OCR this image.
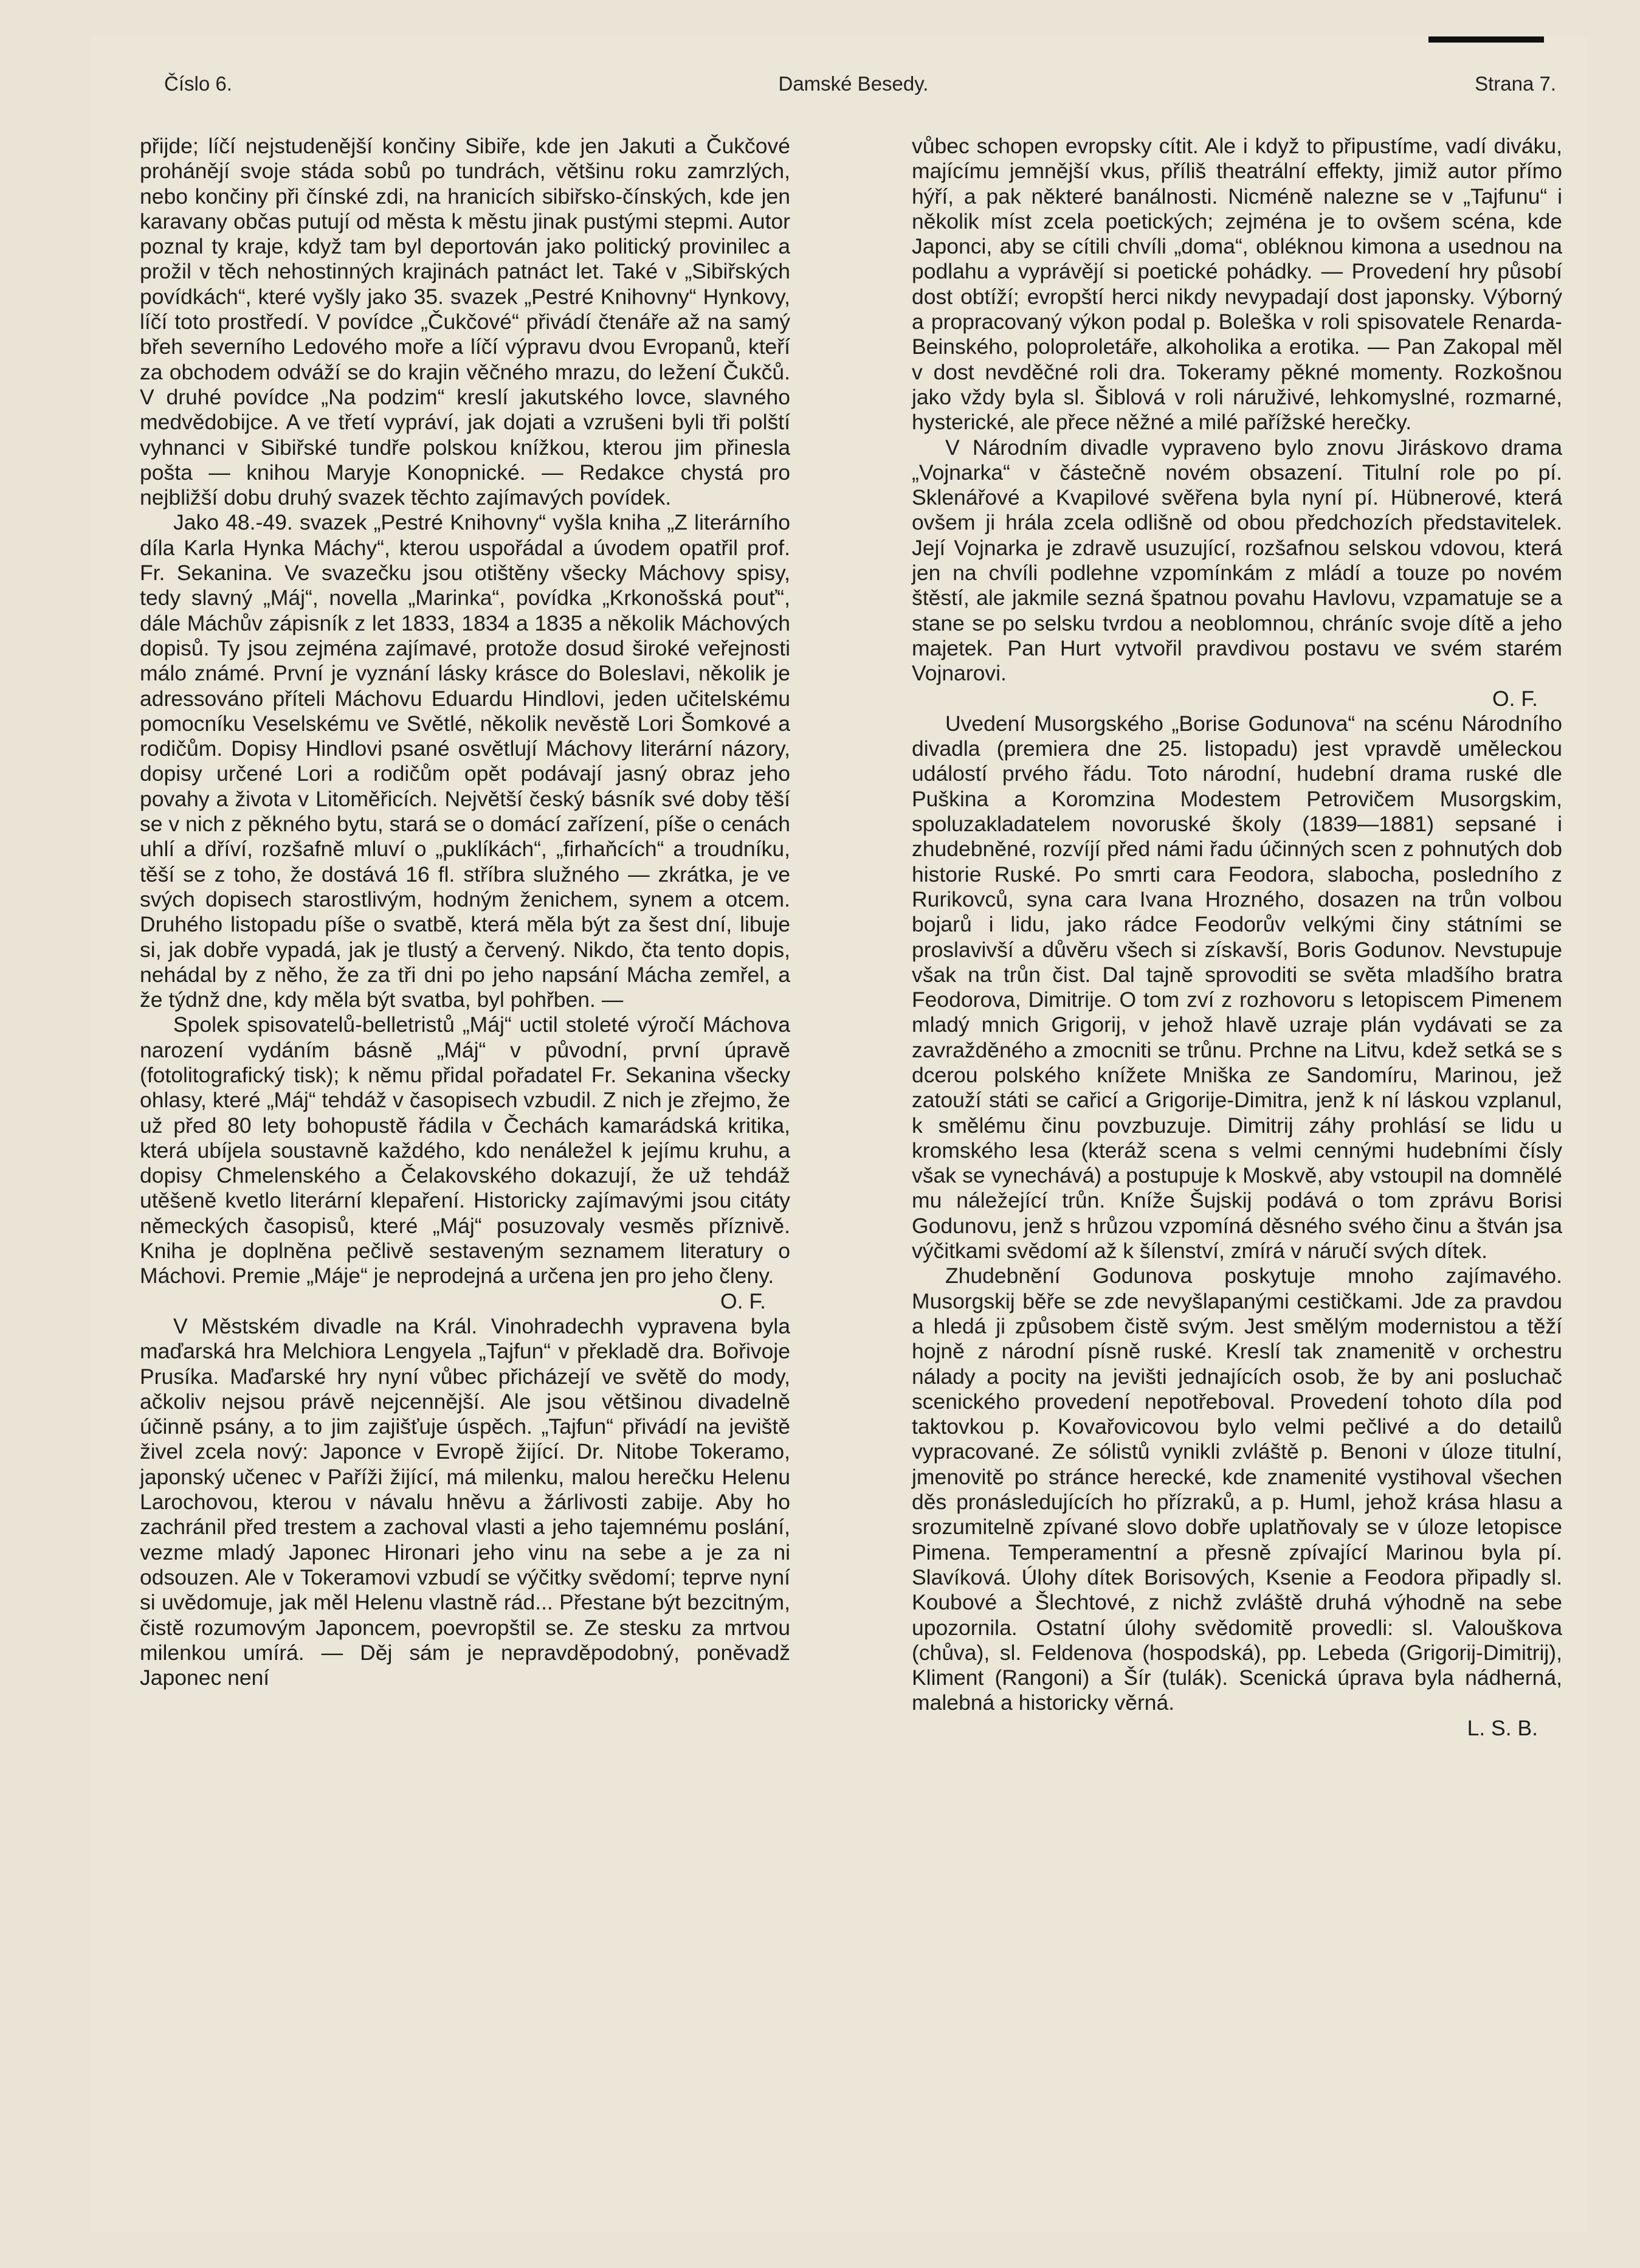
Číslo 6.	Damské Besedy.	Strana 7.

přijde; líčí nejstudenější končiny Sibiře, kde jen Jakuti a Čukčové prohánějí svoje stáda sobů po tundrách, většinu roku zamrzlých, nebo končiny při čínské zdi, na hranicích sibiřsko-čínských, kde jen karavany občas putují od města k městu jinak pustými stepmi. Autor poznal ty kraje, když tam byl deportován jako politický provinilec a prožil v těch nehostinných krajinách patnáct let. Také v „Sibiřských povídkách“, které vyšly jako 35. svazek „Pestré Knihovny“ Hynkovy, líčí toto prostředí. V povídce „Čukčové“ přivádí čtenáře až na samý břeh severního Ledového moře a líčí výpravu dvou Evropanů, kteří za obchodem odváží se do krajin věčného mrazu, do ležení Čukčů. V druhé povídce „Na podzim“ kreslí jakutského lovce, slavného medvědobijce. A ve třetí vypráví, jak dojati a vzrušeni byli tři polští vyhnanci v Sibiřské tundře polskou knížkou, kterou jim přinesla pošta — knihou Maryje Konopnické. — Redakce chystá pro nejbližší dobu druhý svazek těchto zajímavých povídek.

Jako 48.-49. svazek „Pestré Knihovny“ vyšla kniha „Z literárního díla Karla Hynka Máchy“, kterou uspořádal a úvodem opatřil prof. Fr. Sekanina. Ve svazečku jsou otištěny všecky Máchovy spisy, tedy slavný „Máj“, novella „Marinka“, povídka „Krkonošská pouť“, dále Máchův zápisník z let 1833, 1834 a 1835 a několik Máchových dopisů. Ty jsou zejména zajímavé, protože dosud široké veřejnosti málo známé. První je vyznání lásky krásce do Boleslavi, několik je adressováno příteli Máchovu Eduardu Hindlovi, jeden učitelskému pomocníku Veselskému ve Světlé, několik nevěstě Lori Šomkové a rodičům. Dopisy Hindlovi psané osvětlují Máchovy literární názory, dopisy určené Lori a rodičům opět podávají jasný obraz jeho povahy a života v Litoměřicích. Největší český básník své doby těší se v nich z pěkného bytu, stará se o domácí zařízení, píše o cenách uhlí a dříví, rozšafně mluví o „puklíkách“, „firhaňcích“ a troudníku, těší se z toho, že dostává 16 fl. stříbra služného — zkrátka, je ve svých dopisech starostlivým, hodným ženichem, synem a otcem. Druhého listopadu píše o svatbě, která měla být za šest dní, libuje si, jak dobře vypadá, jak je tlustý a červený. Nikdo, čta tento dopis, nehádal by z něho, že za tři dni po jeho napsání Mácha zemřel, a že týdnž dne, kdy měla být svatba, byl pohřben. —

Spolek spisovatelů-belletristů „Máj“ uctil stoleté výročí Máchova narození vydáním básně „Máj“ v původní, první úpravě (fotolitografický tisk); k němu přidal pořadatel Fr. Sekanina všecky ohlasy, které „Máj“ tehdáž v časopisech vzbudil. Z nich je zřejmo, že už před 80 lety bohopustě řádila v Čechách kamarádská kritika, která ubíjela soustavně každého, kdo nenáležel k jejímu kruhu, a dopisy Chmelenského a Čelakovského dokazují, že už tehdáž utěšeně kvetlo literární klepaření. Historicky zajímavými jsou citáty německých časopisů, které „Máj“ posuzovaly vesměs příznivě. Kniha je doplněna pečlivě sestaveným seznamem literatury o Máchovi. Premie „Máje“ je neprodejná a určena jen pro jeho členy.

O. F.

V Městském divadle na Král. Vinohradechh vypravena byla maďarská hra Melchiora Lengyela „Tajfun“ v překladě dra. Bořivoje Prusíka. Maďarské hry nyní vůbec přicházejí ve světě do mody, ačkoliv nejsou právě nejcennější. Ale jsou většinou divadelně účinně psány, a to jim zajišťuje úspěch. „Tajfun“ přivádí na jeviště živel zcela nový: Japonce v Evropě žijící. Dr. Nitobe Tokeramo, japonský učenec v Paříži žijící, má milenku, malou herečku Helenu Larochovou, kterou v návalu hněvu a žárlivosti zabije. Aby ho zachránil před trestem a zachoval vlasti a jeho tajemnému poslání, vezme mladý Japonec Hironari jeho vinu na sebe a je za ni odsouzen. Ale v Tokeramovi vzbudí se výčitky svědomí; teprve nyní si uvědomuje, jak měl Helenu vlastně rád... Přestane být bezcitným, čistě rozumovým Japoncem, poevropštil se. Ze stesku za mrtvou milenkou umírá. — Děj sám je nepravděpodobný, poněvadž Japonec není

vůbec schopen evropsky cítit. Ale i když to připustíme, vadí diváku, majícímu jemnější vkus, příliš theatrální effekty, jimiž autor přímo hýří, a pak některé banálnosti. Nicméně nalezne se v „Tajfunu“ i několik míst zcela poetických; zejména je to ovšem scéna, kde Japonci, aby se cítili chvíli „doma“, obléknou kimona a usednou na podlahu a vyprávějí si poetické pohádky. — Provedení hry působí dost obtíží; evropští herci nikdy nevypadají dost japonsky. Výborný a propracovaný výkon podal p. Boleška v roli spisovatele Renarda-Beinského, poloproletáře, alkoholika a erotika. — Pan Zakopal měl v dost nevděčné roli dra. Tokeramy pěkné momenty. Rozkošnou jako vždy byla sl. Šiblová v roli náruživé, lehkomyslné, rozmarné, hysterické, ale přece něžné a milé pařížské herečky.

V Národním divadle vypraveno bylo znovu Jiráskovo drama „Vojnarka“ v částečně novém obsazení. Titulní role po pí. Sklenářové a Kvapilové svěřena byla nyní pí. Hübnerové, která ovšem ji hrála zcela odlišně od obou předchozích představitelek. Její Vojnarka je zdravě usuzující, rozšafnou selskou vdovou, která jen na chvíli podlehne vzpomínkám z mládí a touze po novém štěstí, ale jakmile sezná špatnou povahu Havlovu, vzpamatuje se a stane se po selsku tvrdou a neoblomnou, chráníc svoje dítě a jeho majetek. Pan Hurt vytvořil pravdivou postavu ve svém starém Vojnarovi.

O. F.

Uvedení Musorgského „Borise Godunova“ na scénu Národního divadla (premiera dne 25. listopadu) jest vpravdě uměleckou událostí prvého řádu. Toto národní, hudební drama ruské dle Puškina a Koromzina Modestem Petrovičem Musorgskim, spoluzakladatelem novoruské školy (1839—1881) sepsané i zhudebněné, rozvíjí před námi řadu účinných scen z pohnutých dob historie Ruské. Po smrti cara Feodora, slabocha, posledního z Rurikovců, syna cara Ivana Hrozného, dosazen na trůn volbou bojarů i lidu, jako rádce Feodorův velkými činy státními se proslavivší a důvěru všech si získavší, Boris Godunov. Nevstupuje však na trůn čist. Dal tajně sprovoditi se světa mladšího bratra Feodorova, Dimitrije. O tom zví z rozhovoru s letopiscem Pimenem mladý mnich Grigorij, v jehož hlavě uzraje plán vydávati se za zavražděného a zmocniti se trůnu. Prchne na Litvu, kdež setká se s dcerou polského knížete Mniška ze Sandomíru, Marinou, jež zatouží státi se cařicí a Grigorije-Dimitra, jenž k ní láskou vzplanul, k smělému činu povzbuzuje. Dimitrij záhy prohlásí se lidu u kromského lesa (kteráž scena s velmi cennými hudebními čísly však se vynechává) a postupuje k Moskvě, aby vstoupil na domnělé mu náležející trůn. Kníže Šujskij podává o tom zprávu Borisi Godunovu, jenž s hrůzou vzpomíná děsného svého činu a štván jsa výčitkami svědomí až k šílenství, zmírá v náručí svých dítek.

Zhudebnění Godunova poskytuje mnoho zajímavého. Musorgskij běře se zde nevyšlapanými cestičkami. Jde za pravdou a hledá ji způsobem čistě svým. Jest smělým modernistou a těží hojně z národní písně ruské. Kreslí tak znamenitě v orchestru nálady a pocity na jevišti jednajících osob, že by ani posluchač scenického provedení nepotřeboval. Provedení tohoto díla pod taktovkou p. Kovařovicovou bylo velmi pečlivé a do detailů vypracované. Ze sólistů vynikli zvláště p. Benoni v úloze titulní, jmenovitě po stránce herecké, kde znamenité vystihoval všechen děs pronásledujících ho přízraků, a p. Huml, jehož krása hlasu a srozumitelně zpívané slovo dobře uplatňovaly se v úloze letopisce Pimena. Temperamentní a přesně zpívající Marinou byla pí. Slavíková. Úlohy dítek Borisových, Ksenie a Feodora připadly sl. Koubové a Šlechtové, z nichž zvláště druhá výhodně na sebe upozornila. Ostatní úlohy svědomitě provedli: sl. Valouškova (chůva), sl. Feldenova (hospodská), pp. Lebeda (Grigorij-Dimitrij), Kliment (Rangoni) a Šír (tulák). Scenická úprava byla nádherná, malebná a historicky věrná.

L. S. B.
